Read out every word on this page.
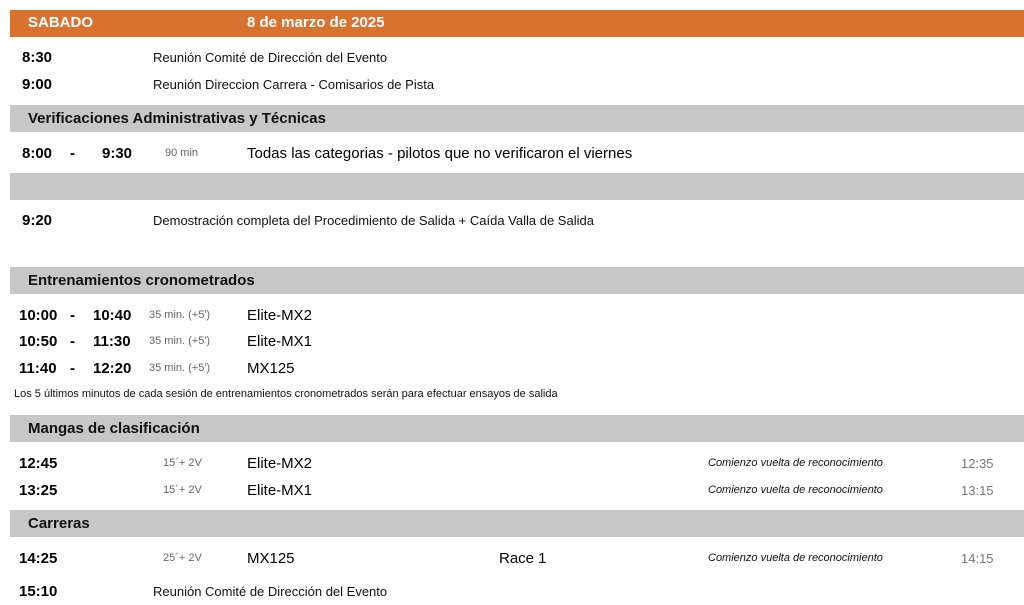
SABADO	8 de marzo de 2025
8:30	Reunión Comité de Dirección del Evento
9:00	Reunión Direccion Carrera - Comisarios de Pista
Verificaciones Administrativas y Técnicas
8:00 - 9:30	90 min	Todas las categorias - pilotos que no verificaron el viernes
9:20	Demostración completa del Procedimiento de Salida + Caída Valla de Salida
Entrenamientos cronometrados
10:00 - 10:40 35 min. (+5') Elite-MX2
10:50 - 11:30 35 min. (+5') Elite-MX1
11:40 - 12:20 35 min. (+5') MX125
Los 5 últimos minutos de cada sesión de entrenamientos cronometrados serán para efectuar ensayos de salida
Mangas de clasificación
12:45	15´+ 2V	Elite-MX2	Comienzo vuelta de reconocimiento	12:35
13:25	15´+ 2V	Elite-MX1	Comienzo vuelta de reconocimiento	13:15
Carreras
14:25	25´+ 2V	MX125	Race 1	Comienzo vuelta de reconocimiento	14:15
15:10	Reunión Comité de Dirección del Evento
